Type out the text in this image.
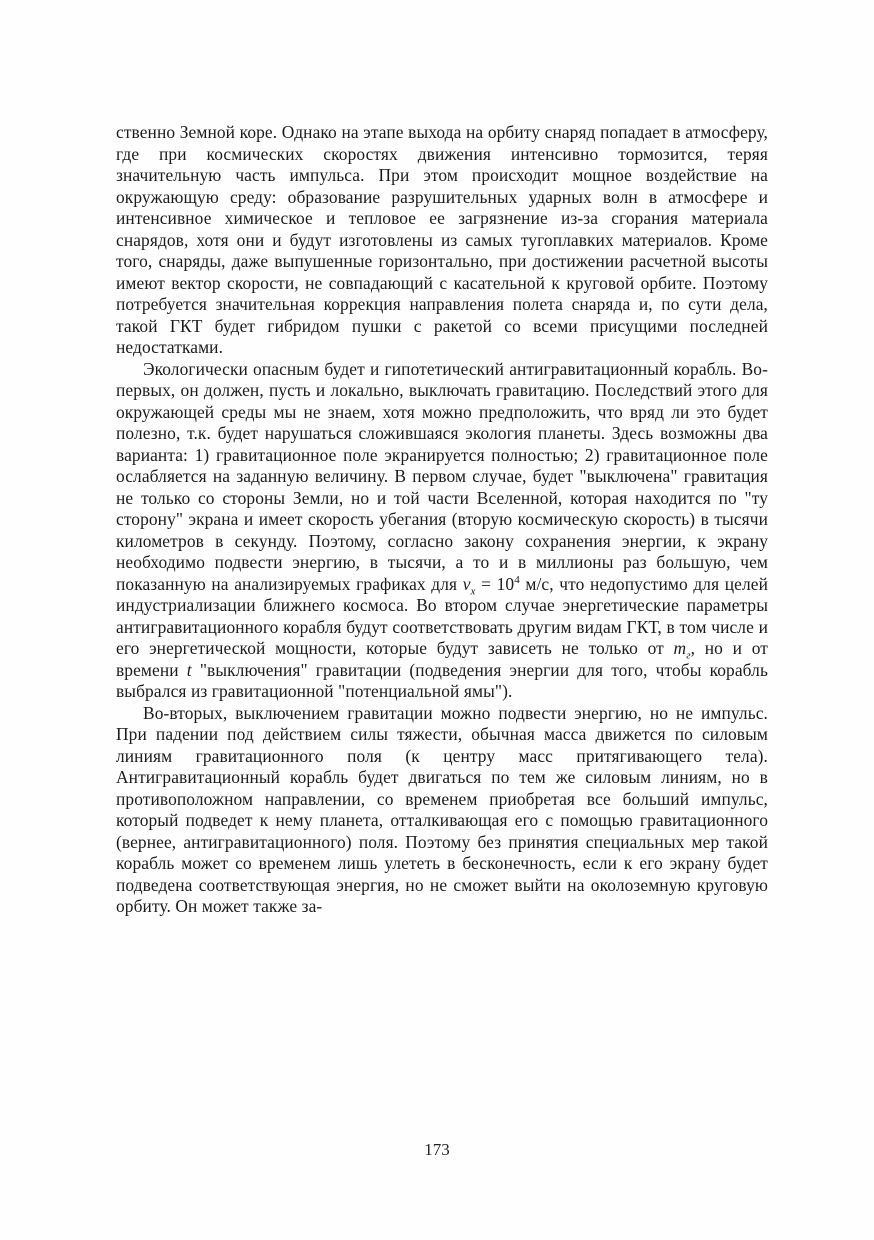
ственно Земной коре. Однако на этапе выхода на орбиту снаряд попадает в атмосферу, где при космических скоростях движения интенсивно тормозится, теряя значительную часть импульса. При этом происходит мощное воздействие на окружающую среду: образование разрушительных ударных волн в атмосфере и интенсивное химическое и тепловое ее загрязнение из-за сгорания материала снарядов, хотя они и будут изготовлены из самых тугоплавких материалов. Кроме того, снаряды, даже выпушенные горизонтально, при достижении расчетной высоты имеют вектор скорости, не совпадающий с касательной к круговой орбите. Поэтому потребуется значительная коррекция направления полета снаряда и, по сути дела, такой ГКТ будет гибридом пушки с ракетой со всеми присущими последней недостатками.

Экологически опасным будет и гипотетический антигравитационный корабль. Во-первых, он должен, пусть и локально, выключать гравитацию. Последствий этого для окружающей среды мы не знаем, хотя можно предположить, что вряд ли это будет полезно, т.к. будет нарушаться сложившаяся экология планеты. Здесь возможны два варианта: 1) гравитационное поле экранируется полностью; 2) гравитационное поле ослабляется на заданную величину. В первом случае, будет "выключена" гравитация не только со стороны Земли, но и той части Вселенной, которая находится по "ту сторону" экрана и имеет скорость убегания (вторую космическую скорость) в тысячи километров в секунду. Поэтому, согласно закону сохранения энергии, к экрану необходимо подвести энергию, в тысячи, а то и в миллионы раз большую, чем показанную на анализируемых графиках для $v_x = 10^4$ м/с, что недопустимо для целей индустриализации ближнего космоса. Во втором случае энергетические параметры антигравитационного корабля будут соответствовать другим видам ГКТ, в том числе и его энергетической мощности, которые будут зависеть не только от $m_г$, но и от времени t "выключения" гравитации (подведения энергии для того, чтобы корабль выбрался из гравитационной "потенциальной ямы").

Во-вторых, выключением гравитации можно подвести энергию, но не импульс. При падении под действием силы тяжести, обычная масса движется по силовым линиям гравитационного поля (к центру масс притягивающего тела). Антигравитационный корабль будет двигаться по тем же силовым линиям, но в противоположном направлении, со временем приобретая все больший импульс, который подведет к нему планета, отталкивающая его с помощью гравитационного (вернее, антигравитационного) поля. Поэтому без принятия специальных мер такой корабль может со временем лишь улететь в бесконечность, если к его экрану будет подведена соответствующая энергия, но не сможет выйти на околоземную круговую орбиту. Он может также за-

173
